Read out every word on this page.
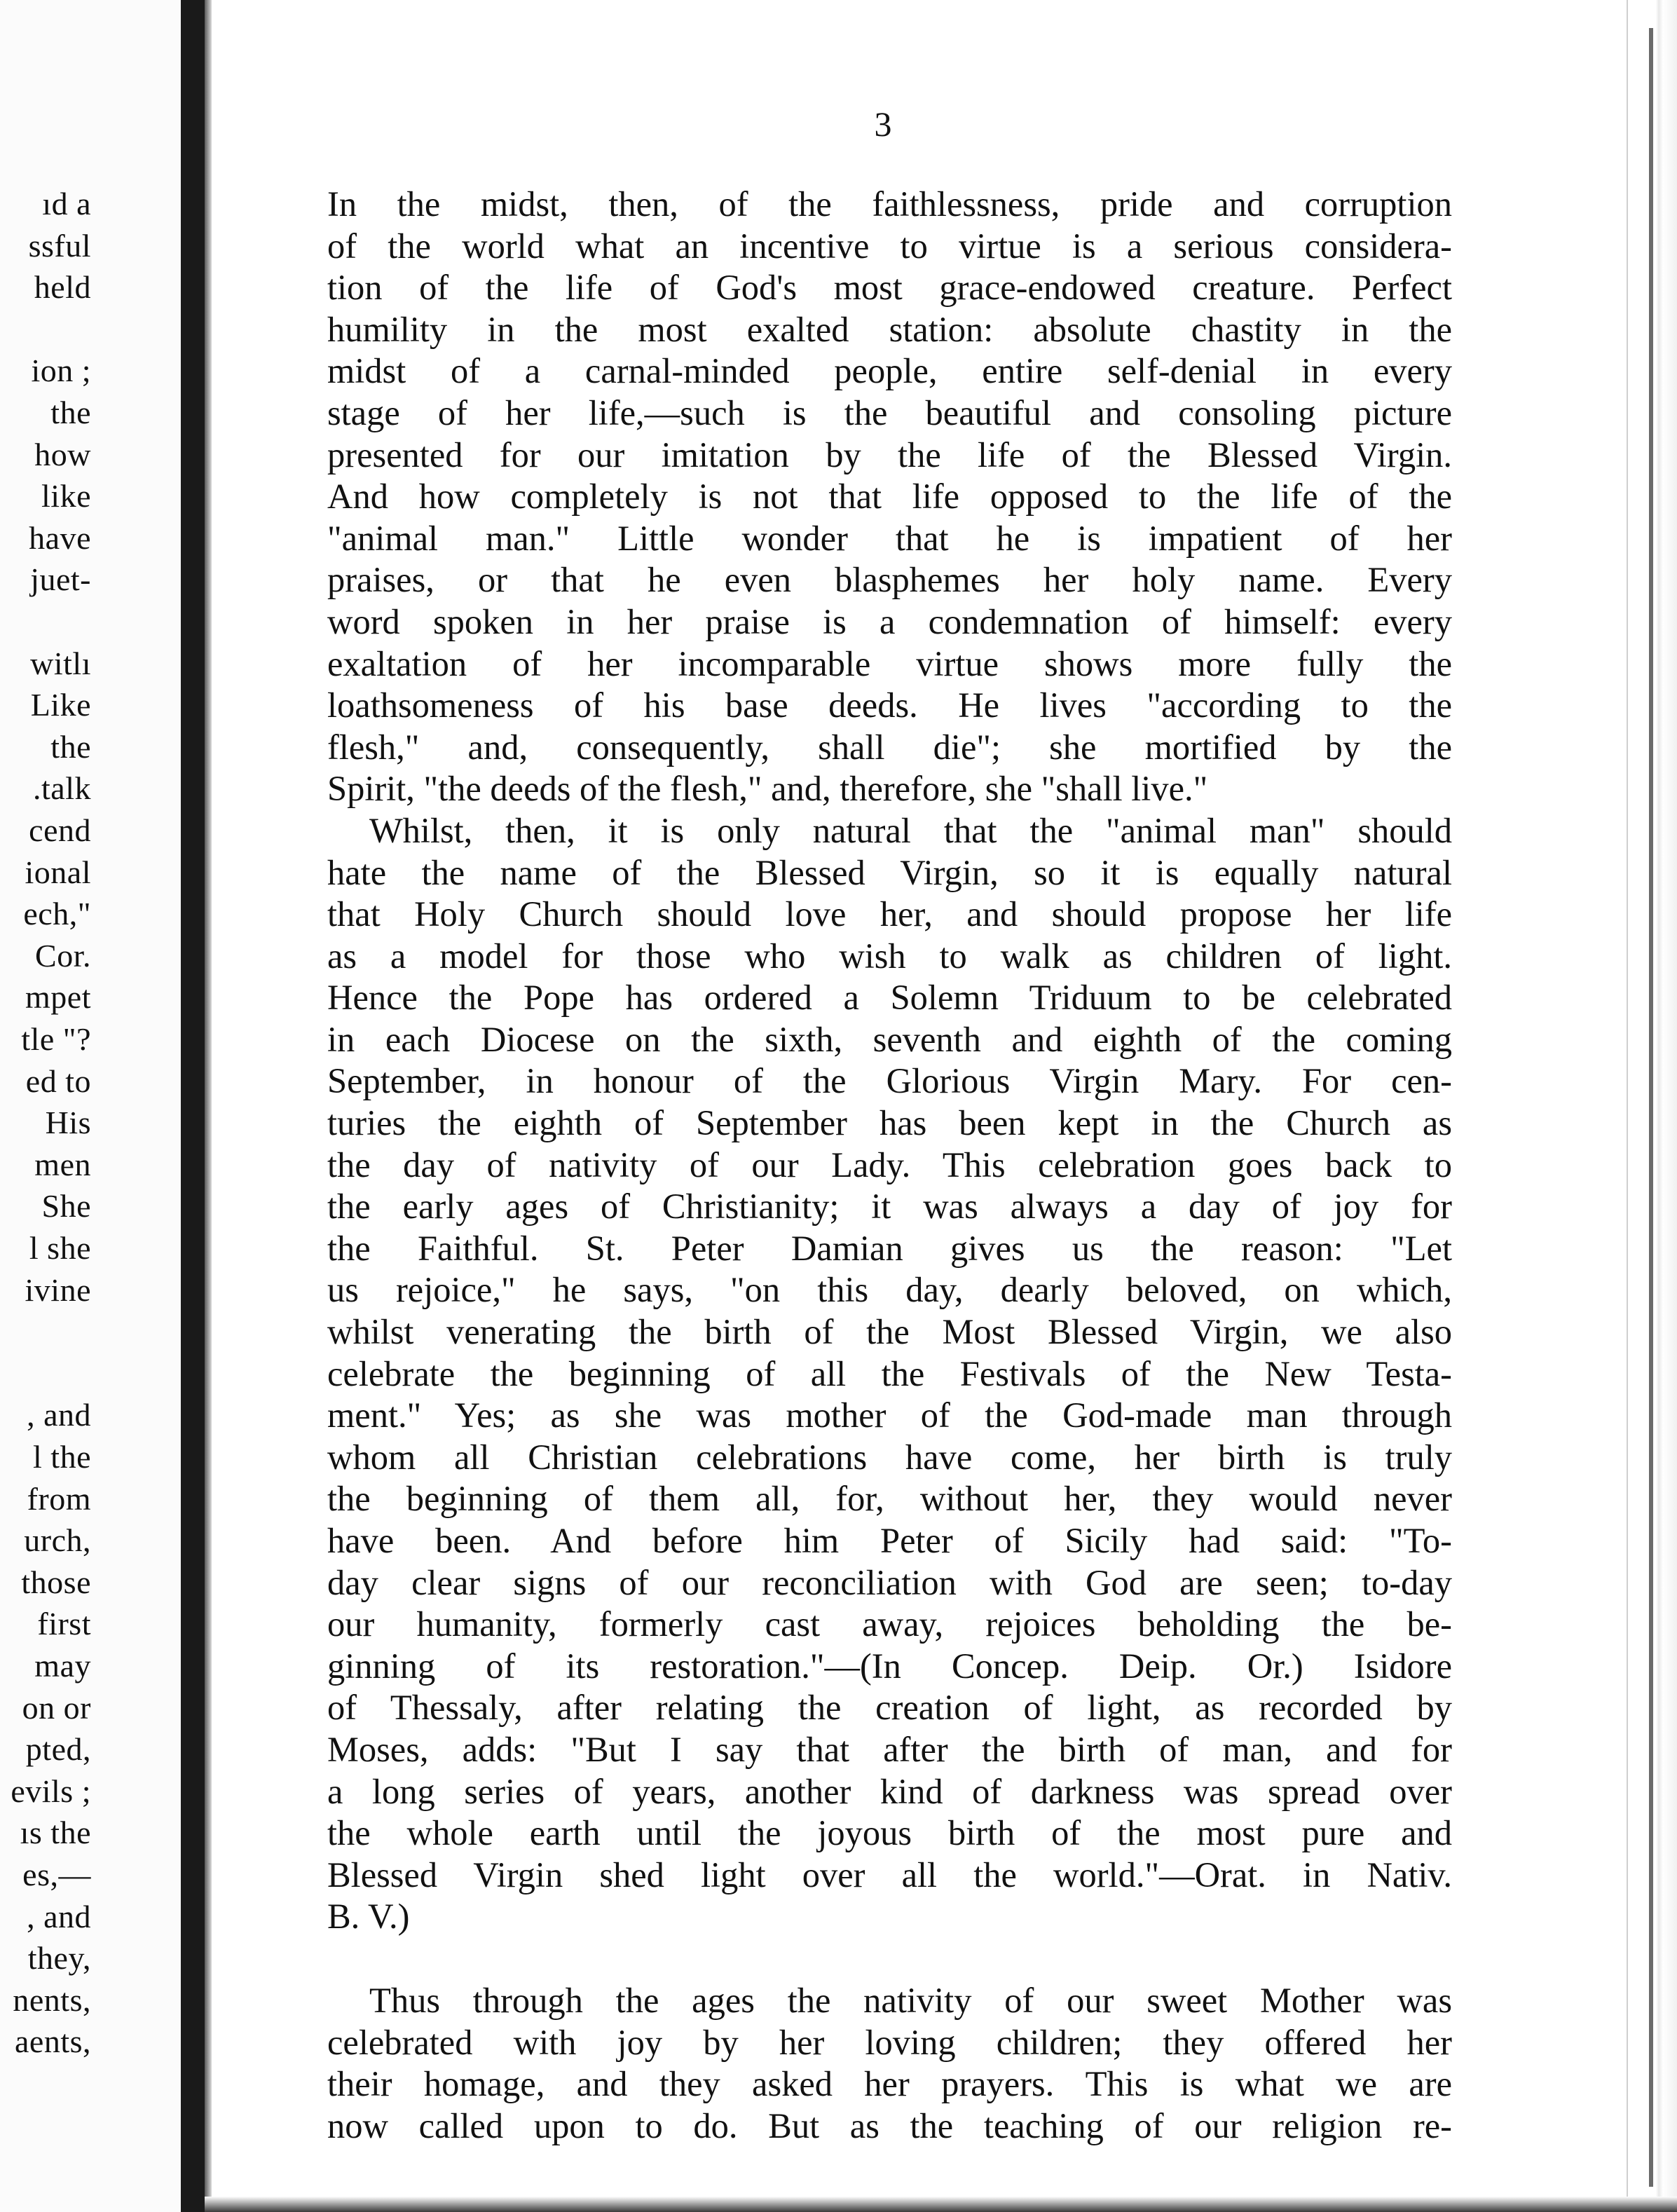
ıd a
ssful
held
ion ;
the
how
like
have
juet-
witlı
Like
the
.talk
cend
ional
ech,"
Cor.
mpet
tle "?
ed to
His
men
She
l she
ivine
, and
l the
from
urch,
those
first
may
on or
pted,
evils ;
ıs the
es,—
, and
they,
nents,
aents,
3
In the midst, then, of the faithlessness, pride and corruption
of the world what an incentive to virtue is a serious considera-
tion of the life of God's most grace-endowed creature. Perfect
humility in the most exalted station: absolute chastity in the
midst of a carnal-minded people, entire self-denial in every
stage of her life,—such is the beautiful and consoling picture
presented for our imitation by the life of the Blessed Virgin.
And how completely is not that life opposed to the life of the
"animal man." Little wonder that he is impatient of her
praises, or that he even blasphemes her holy name. Every
word spoken in her praise is a condemnation of himself: every
exaltation of her incomparable virtue shows more fully the
loathsomeness of his base deeds. He lives "according to the
flesh," and, consequently, shall die"; she mortified by the
Spirit, "the deeds of the flesh," and, therefore, she "shall live."
Whilst, then, it is only natural that the "animal man" should
hate the name of the Blessed Virgin, so it is equally natural
that Holy Church should love her, and should propose her life
as a model for those who wish to walk as children of light.
Hence the Pope has ordered a Solemn Triduum to be celebrated
in each Diocese on the sixth, seventh and eighth of the coming
September, in honour of the Glorious Virgin Mary. For cen-
turies the eighth of September has been kept in the Church as
the day of nativity of our Lady. This celebration goes back to
the early ages of Christianity; it was always a day of joy for
the Faithful. St. Peter Damian gives us the reason: "Let
us rejoice," he says, "on this day, dearly beloved, on which,
whilst venerating the birth of the Most Blessed Virgin, we also
celebrate the beginning of all the Festivals of the New Testa-
ment." Yes; as she was mother of the God-made man through
whom all Christian celebrations have come, her birth is truly
the beginning of them all, for, without her, they would never
have been. And before him Peter of Sicily had said: "To-
day clear signs of our reconciliation with God are seen; to-day
our humanity, formerly cast away, rejoices beholding the be-
ginning of its restoration."—(In Concep. Deip. Or.) Isidore
of Thessaly, after relating the creation of light, as recorded by
Moses, adds: "But I say that after the birth of man, and for
a long series of years, another kind of darkness was spread over
the whole earth until the joyous birth of the most pure and
Blessed Virgin shed light over all the world."—Orat. in Nativ.
B. V.)
Thus through the ages the nativity of our sweet Mother was
celebrated with joy by her loving children; they offered her
their homage, and they asked her prayers. This is what we are
now called upon to do. But as the teaching of our religion re-
